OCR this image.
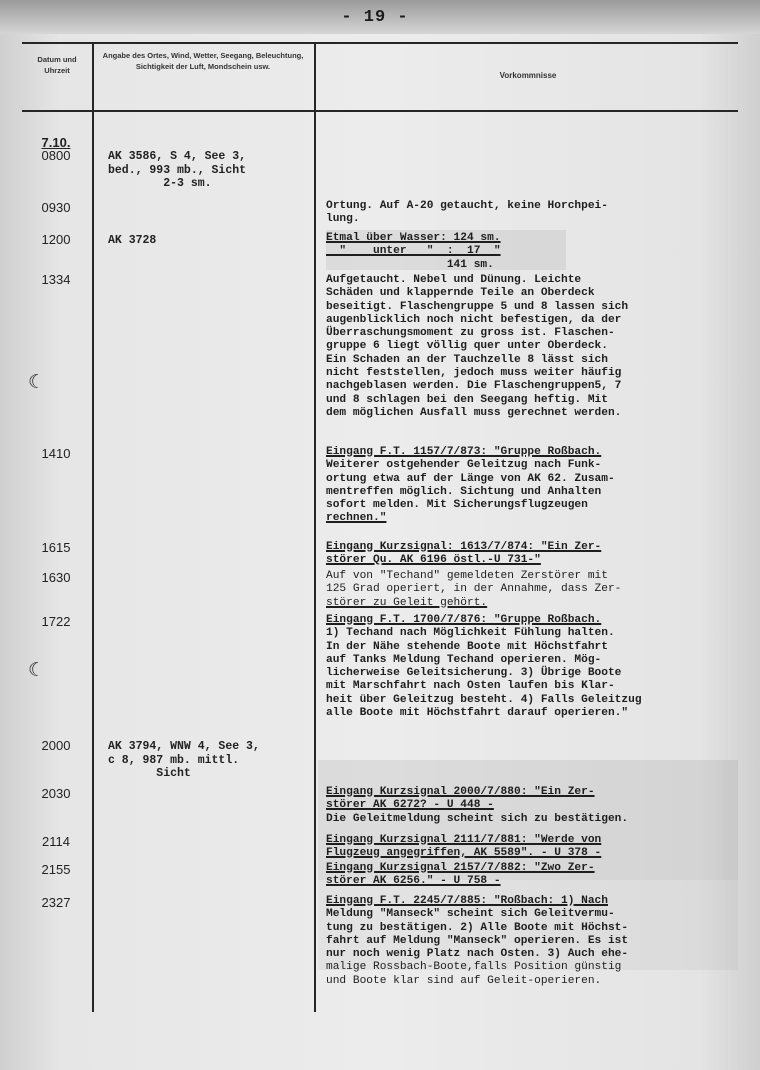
- 19 -
Datum und Uhrzeit
Angabe des Ortes, Wind, Wetter, Seegang, Beleuchtung, Sichtigkeit der Luft, Mondschein usw.
Vorkommnisse
7.10.
0800
0930
1200
1334
1410
1615
1630
1722
2000
2030
2114
2155
2327
AK 3586, S 4, See 3,
bed., 993 mb., Sicht
2-3 sm.
AK 3728
AK 3794, WNW 4, See 3,
c 8, 987 mb. mittl.
Sicht
☾
☾
Ortung. Auf A-20 getaucht, keine Horchpei-
lung.
Etmal über Wasser: 124 sm.
"    unter   "  :  17  "
141 sm.
Aufgetaucht. Nebel und Dünung. Leichte
Schäden und klappernde Teile an Oberdeck
beseitigt. Flaschengruppe 5 und 8 lassen sich
augenblicklich noch nicht befestigen, da der
Überraschungsmoment zu gross ist. Flaschen-
gruppe 6 liegt völlig quer unter Oberdeck.
Ein Schaden an der Tauchzelle 8 lässt sich
nicht feststellen, jedoch muss weiter häufig
nachgeblasen werden. Die Flaschengruppen5, 7
und 8 schlagen bei den Seegang heftig. Mit
dem möglichen Ausfall muss gerechnet werden.
Eingang F.T. 1157/7/873: "Gruppe Roßbach.
Weiterer ostgehender Geleitzug nach Funk-
ortung etwa auf der Länge von AK 62. Zusam-
mentreffen möglich. Sichtung und Anhalten
sofort melden. Mit Sicherungsflugzeugen
rechnen."
Eingang Kurzsignal: 1613/7/874: "Ein Zer-
störer Qu. AK 6196 östl.-U 731-"
Auf von "Techand" gemeldeten Zerstörer mit
125 Grad operiert, in der Annahme, dass Zer-
störer zu Geleit gehört.
Eingang F.T. 1700/7/876: "Gruppe Roßbach.
1) Techand nach Möglichkeit Fühlung halten.
In der Nähe stehende Boote mit Höchstfahrt
auf Tanks Meldung Techand operieren. Mög-
licherweise Geleitsicherung. 3) Übrige Boote
mit Marschfahrt nach Osten laufen bis Klar-
heit über Geleitzug besteht. 4) Falls Geleitzug
alle Boote mit Höchstfahrt darauf operieren."
Eingang Kurzsignal 2000/7/880: "Ein Zer-
störer AK 6272? - U 448 -
Die Geleitmeldung scheint sich zu bestätigen.
Eingang Kurzsignal 2111/7/881: "Werde von
Flugzeug angegriffen, AK 5589". - U 378 -
Eingang Kurzsignal 2157/7/882: "Zwo Zer-
störer AK 6256." - U 758 -
Eingang F.T. 2245/7/885: "Roßbach: 1) Nach
Meldung "Manseck" scheint sich Geleitvermu-
tung zu bestätigen. 2) Alle Boote mit Höchst-
fahrt auf Meldung "Manseck" operieren. Es ist
nur noch wenig Platz nach Osten. 3) Auch ehe-
malige Rossbach-Boote,falls Position günstig
und Boote klar sind auf Geleit-operieren.
